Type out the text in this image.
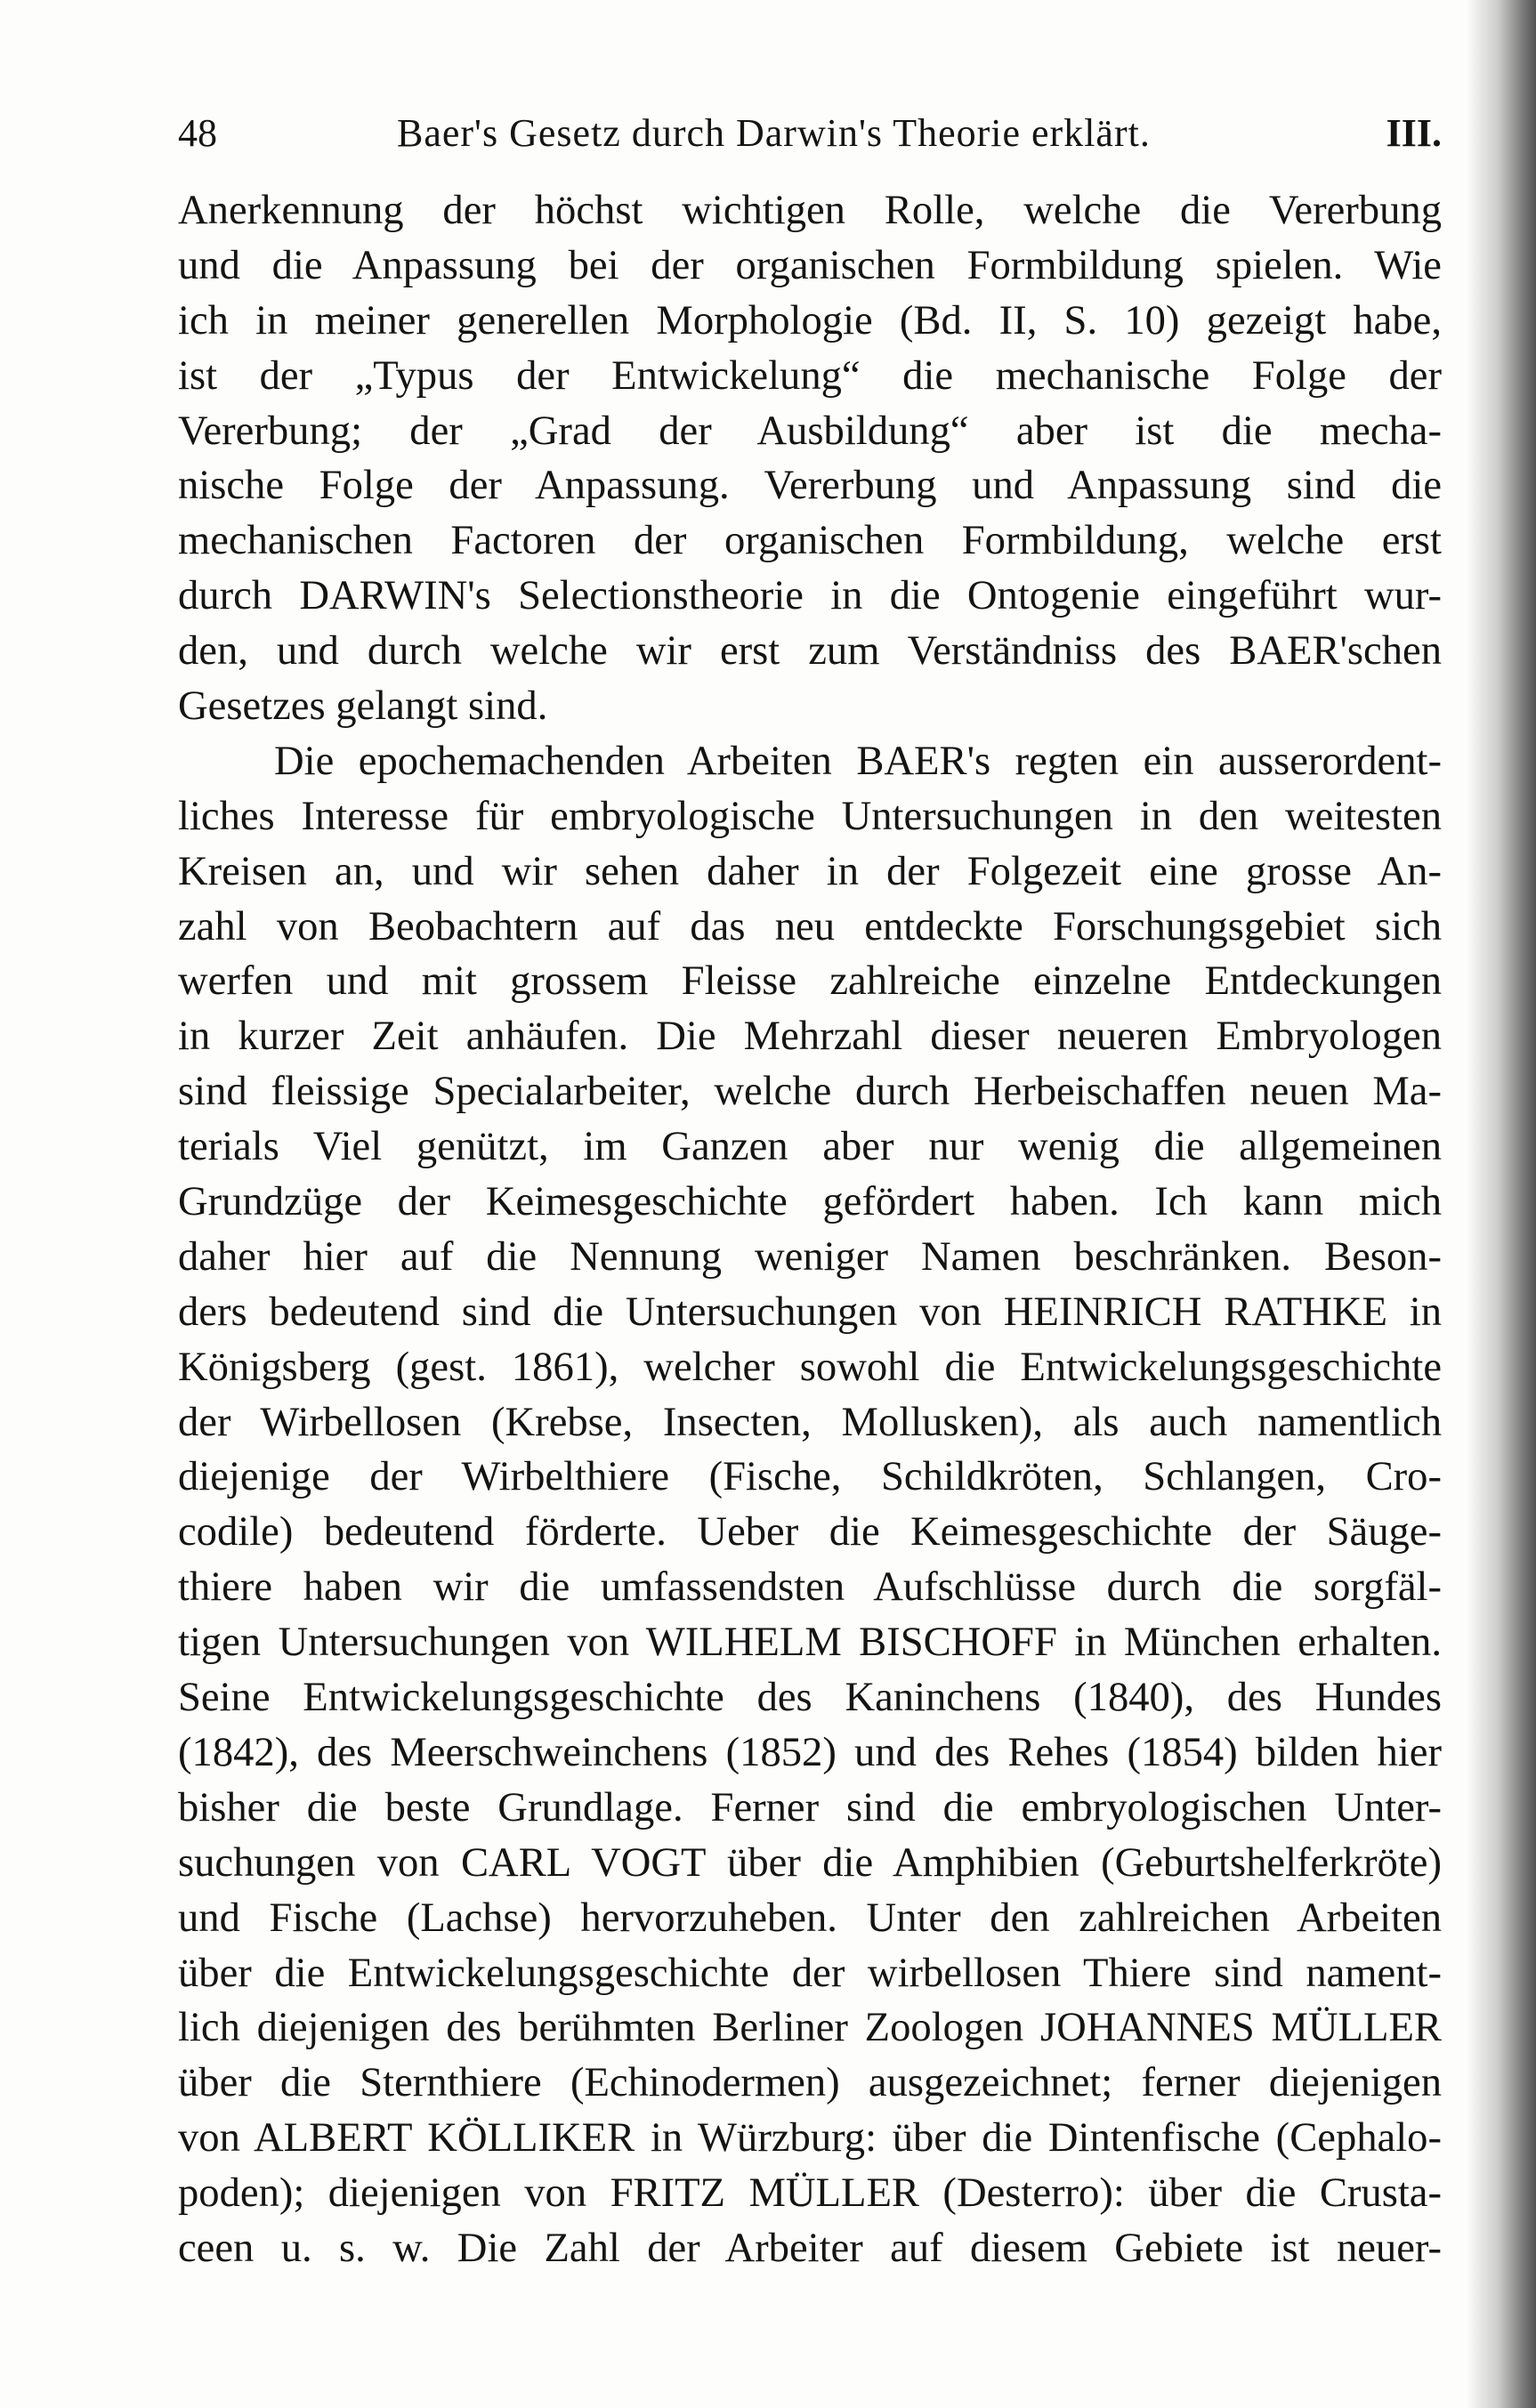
48	Baer's Gesetz durch Darwin's Theorie erklärt.	III.
Anerkennung der höchst wichtigen Rolle, welche die Vererbung
und die Anpassung bei der organischen Formbildung spielen. Wie
ich in meiner generellen Morphologie (Bd. II, S. 10) gezeigt habe,
ist der „Typus der Entwickelung“ die mechanische Folge der
Vererbung; der „Grad der Ausbildung“ aber ist die mecha-
nische Folge der Anpassung. Vererbung und Anpassung sind die
mechanischen Factoren der organischen Formbildung, welche erst
durch DARWIN's Selectionstheorie in die Ontogenie eingeführt wur-
den, und durch welche wir erst zum Verständniss des BAER'schen
Gesetzes gelangt sind.
Die epochemachenden Arbeiten BAER's regten ein ausserordent-
liches Interesse für embryologische Untersuchungen in den weitesten
Kreisen an, und wir sehen daher in der Folgezeit eine grosse An-
zahl von Beobachtern auf das neu entdeckte Forschungsgebiet sich
werfen und mit grossem Fleisse zahlreiche einzelne Entdeckungen
in kurzer Zeit anhäufen. Die Mehrzahl dieser neueren Embryologen
sind fleissige Specialarbeiter, welche durch Herbeischaffen neuen Ma-
terials Viel genützt, im Ganzen aber nur wenig die allgemeinen
Grundzüge der Keimesgeschichte gefördert haben. Ich kann mich
daher hier auf die Nennung weniger Namen beschränken. Beson-
ders bedeutend sind die Untersuchungen von HEINRICH RATHKE in
Königsberg (gest. 1861), welcher sowohl die Entwickelungsgeschichte
der Wirbellosen (Krebse, Insecten, Mollusken), als auch namentlich
diejenige der Wirbelthiere (Fische, Schildkröten, Schlangen, Cro-
codile) bedeutend förderte. Ueber die Keimesgeschichte der Säuge-
thiere haben wir die umfassendsten Aufschlüsse durch die sorgfäl-
tigen Untersuchungen von WILHELM BISCHOFF in München erhalten.
Seine Entwickelungsgeschichte des Kaninchens (1840), des Hundes
(1842), des Meerschweinchens (1852) und des Rehes (1854) bilden hier
bisher die beste Grundlage. Ferner sind die embryologischen Unter-
suchungen von CARL VOGT über die Amphibien (Geburtshelferkröte)
und Fische (Lachse) hervorzuheben. Unter den zahlreichen Arbeiten
über die Entwickelungsgeschichte der wirbellosen Thiere sind nament-
lich diejenigen des berühmten Berliner Zoologen JOHANNES MÜLLER
über die Sternthiere (Echinodermen) ausgezeichnet; ferner diejenigen
von ALBERT KÖLLIKER in Würzburg: über die Dintenfische (Cephalo-
poden); diejenigen von FRITZ MÜLLER (Desterro): über die Crusta-
ceen u. s. w. Die Zahl der Arbeiter auf diesem Gebiete ist neuer-
